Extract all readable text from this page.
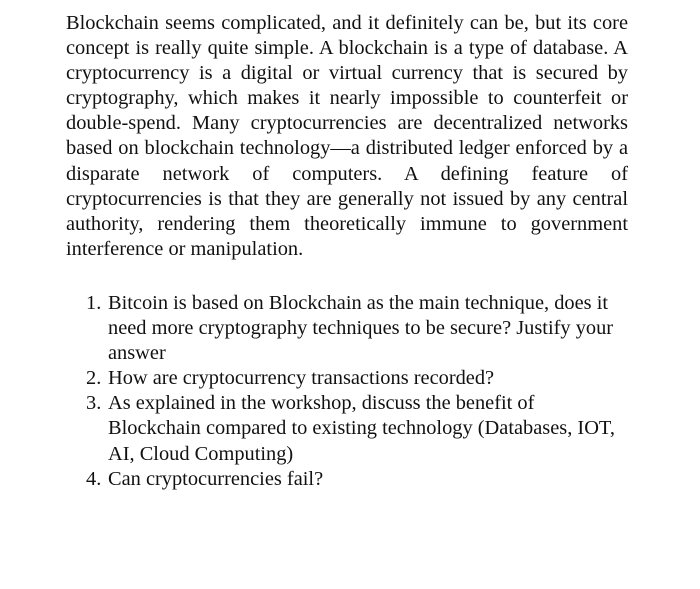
Blockchain seems complicated, and it definitely can be, but its core concept is really quite simple. A blockchain is a type of database. A cryptocurrency is a digital or virtual currency that is secured by cryptography, which makes it nearly impossible to counterfeit or double-spend. Many cryptocurrencies are decentralized networks based on blockchain technology—a distributed ledger enforced by a disparate network of computers. A defining feature of cryptocurrencies is that they are generally not issued by any central authority, rendering them theoretically immune to government interference or manipulation.

1. Bitcoin is based on Blockchain as the main technique, does it need more cryptography techniques to be secure? Justify your answer
2. How are cryptocurrency transactions recorded?
3. As explained in the workshop, discuss the benefit of Blockchain compared to existing technology (Databases, IOT, AI, Cloud Computing)
4. Can cryptocurrencies fail?
